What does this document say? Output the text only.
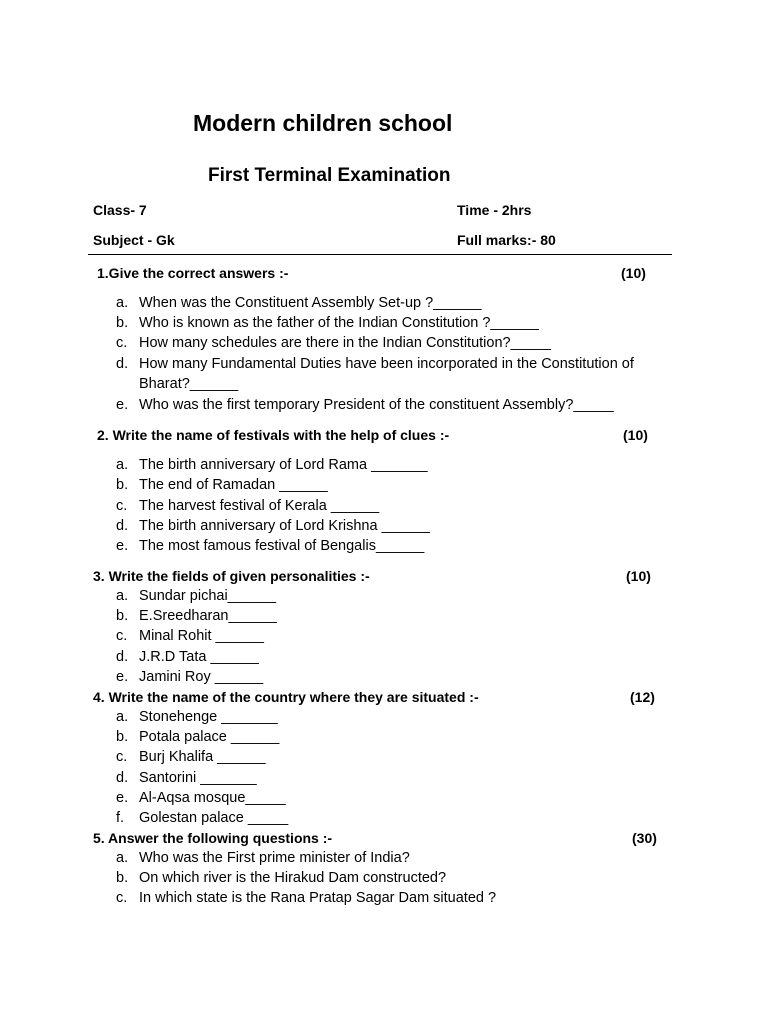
Modern children school
First Terminal Examination
Class- 7	Time - 2hrs
Subject - Gk	Full marks:- 80
1.Give the correct answers :-	(10)
a. When was the Constituent Assembly Set-up ?______
b. Who is known as the father of the Indian Constitution ?______
c. How many schedules are there in the Indian Constitution?_____
d. How many Fundamental Duties have been incorporated in the Constitution of Bharat?______
e. Who was the first temporary President of the constituent Assembly?_____
2. Write the name of festivals with the help of clues :-	(10)
a. The birth anniversary of Lord Rama _______
b. The end of Ramadan ______
c. The harvest festival of Kerala ______
d. The birth anniversary of Lord Krishna ______
e. The most famous festival of Bengalis______
3. Write the fields of given personalities :-	(10)
a. Sundar pichai______
b. E.Sreedharan______
c. Minal Rohit ______
d. J.R.D Tata ______
e. Jamini Roy ______
4. Write the name of the country where they are situated :-	(12)
a. Stonehenge _______
b. Potala palace ______
c. Burj Khalifa ______
d. Santorini _______
e. Al-Aqsa mosque_____
f. Golestan palace _____
5. Answer the following questions :-	(30)
a.Who was the First prime minister of India?
b.On which river is the Hirakud Dam constructed?
c. In which state is the Rana Pratap Sagar Dam situated ?
